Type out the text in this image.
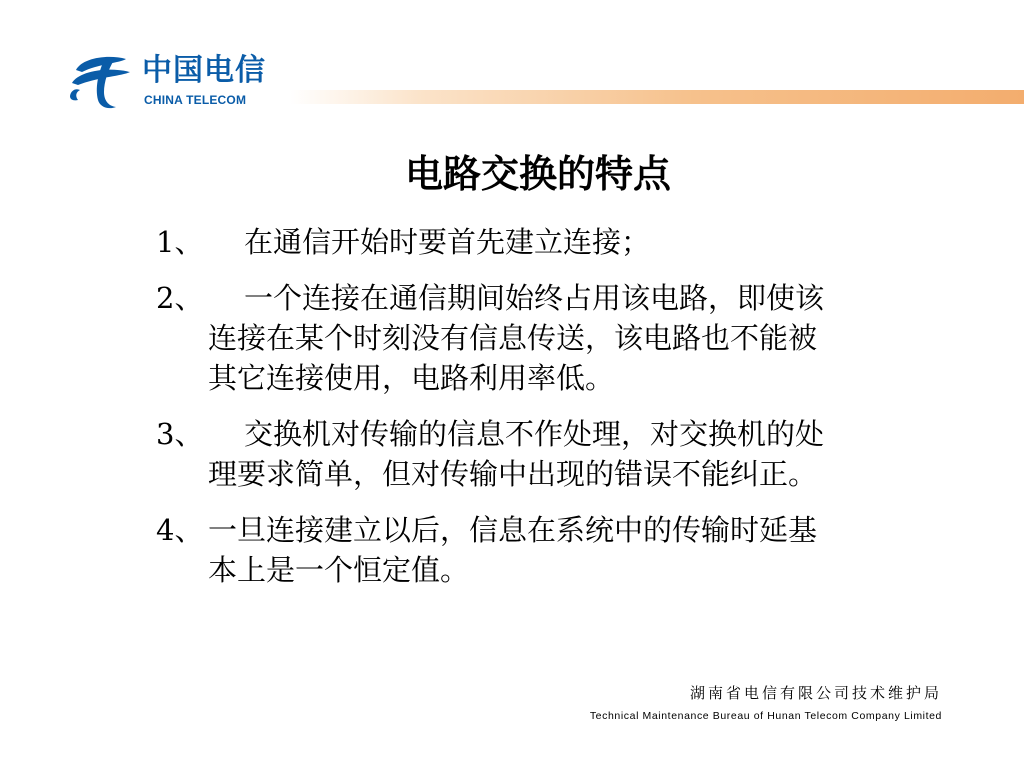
中国电信
CHINA TELECOM
电路交换的特点
1、 在通信开始时要首先建立连接；
2、 一个连接在通信期间始终占用该电路，即使该连接在某个时刻没有信息传送，该电路也不能被其它连接使用，电路利用率低。
3、 交换机对传输的信息不作处理，对交换机的处理要求简单，但对传输中出现的错误不能纠正。
4、 一旦连接建立以后，信息在系统中的传输时延基本上是一个恒定值。
湖南省电信有限公司技术维护局
Technical Maintenance Bureau of Hunan Telecom Company Limited
